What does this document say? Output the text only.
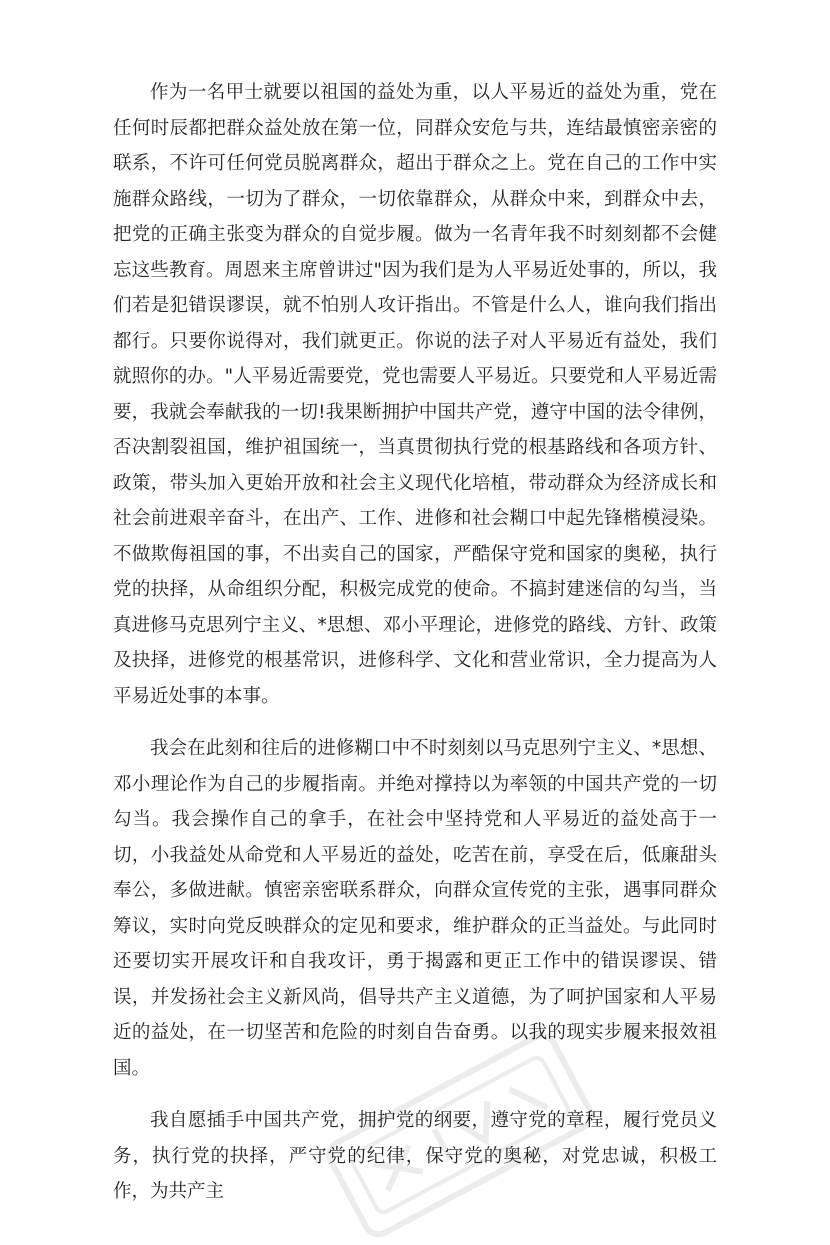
作为一名甲士就要以祖国的益处为重，以人平易近的益处为重，党在任何时辰都把群众益处放在第一位，同群众安危与共，连结最慎密亲密的联系，不许可任何党员脱离群众，超出于群众之上。党在自己的工作中实施群众路线，一切为了群众，一切依靠群众，从群众中来，到群众中去，把党的正确主张变为群众的自觉步履。做为一名青年我不时刻刻都不会健忘这些教育。周恩来主席曾讲过"因为我们是为人平易近处事的，所以，我们若是犯错误谬误，就不怕别人攻讦指出。不管是什么人，谁向我们指出都行。只要你说得对，我们就更正。你说的法子对人平易近有益处，我们就照你的办。"人平易近需要党，党也需要人平易近。只要党和人平易近需要，我就会奉献我的一切!我果断拥护中国共产党，遵守中国的法令律例，否决割裂祖国，维护祖国统一，当真贯彻执行党的根基路线和各项方针、政策，带头加入更始开放和社会主义现代化培植，带动群众为经济成长和社会前进艰辛奋斗，在出产、工作、进修和社会糊口中起先锋楷模浸染。不做欺侮祖国的事，不出卖自己的国家，严酷保守党和国家的奥秘，执行党的抉择，从命组织分配，积极完成党的使命。不搞封建迷信的勾当，当真进修马克思列宁主义、*思想、邓小平理论，进修党的路线、方针、政策及抉择，进修党的根基常识，进修科学、文化和营业常识，全力提高为人平易近处事的本事。

我会在此刻和往后的进修糊口中不时刻刻以马克思列宁主义、*思想、邓小理论作为自己的步履指南。并绝对撑持以为率领的中国共产党的一切勾当。我会操作自己的拿手，在社会中坚持党和人平易近的益处高于一切，小我益处从命党和人平易近的益处，吃苦在前，享受在后，低廉甜头奉公，多做进献。慎密亲密联系群众，向群众宣传党的主张，遇事同群众筹议，实时向党反映群众的定见和要求，维护群众的正当益处。与此同时还要切实开展攻讦和自我攻讦，勇于揭露和更正工作中的错误谬误、错误，并发扬社会主义新风尚，倡导共产主义道德，为了呵护国家和人平易近的益处，在一切坚苦和危险的时刻自告奋勇。以我的现实步履来报效祖国。

我自愿插手中国共产党，拥护党的纲要，遵守党的章程，履行党员义务，执行党的抉择，严守党的纪律，保守党的奥秘，对党忠诚，积极工作，为共产主
